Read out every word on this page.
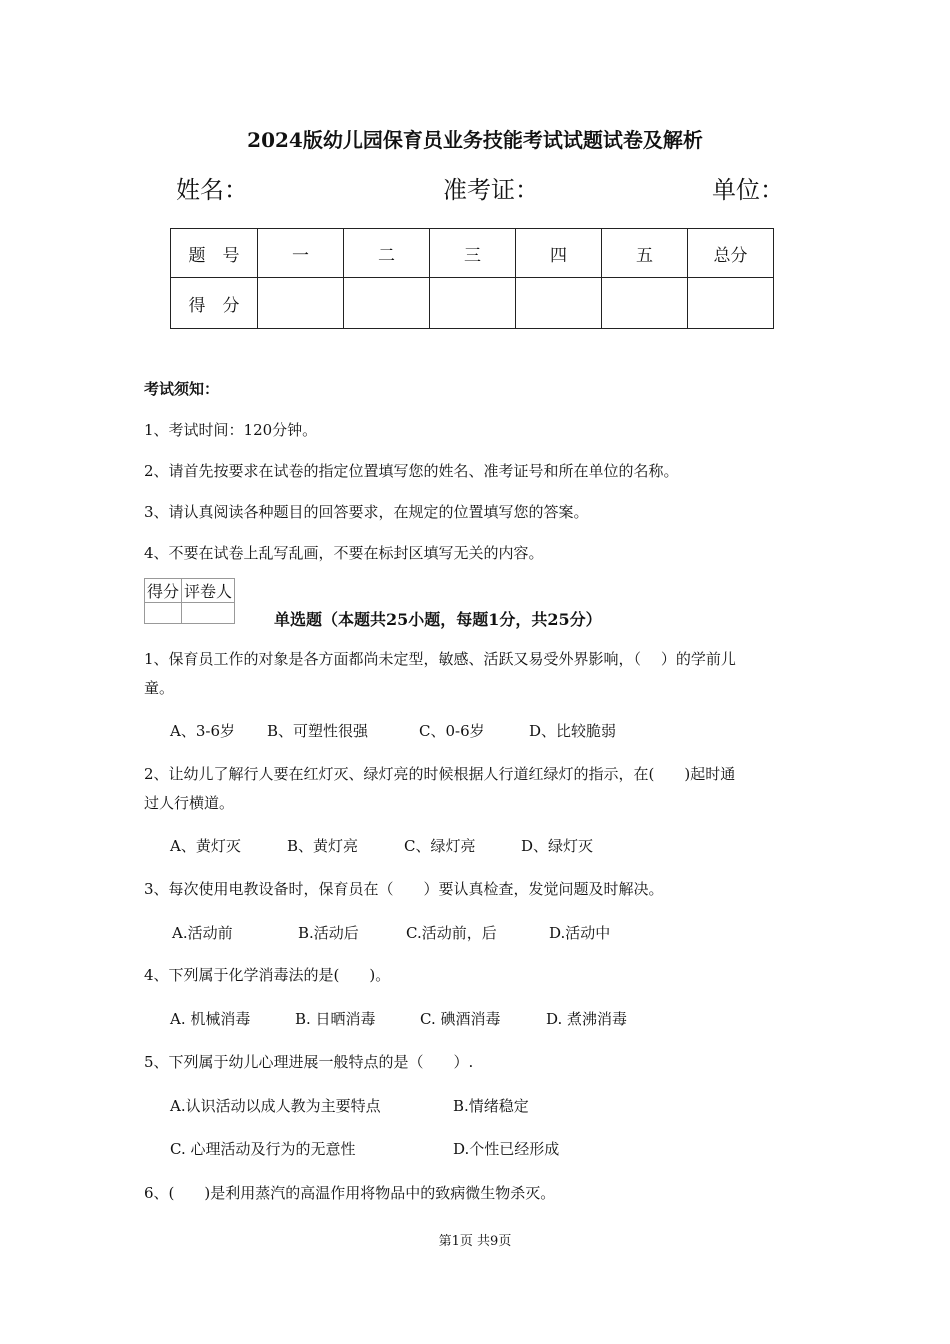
2024版幼儿园保育员业务技能考试试题试卷及解析
姓名：	准考证：	单位：
题　号	一	二	三	四	五	总分
得　分						
考试须知：
1、考试时间：120分钟。
2、请首先按要求在试卷的指定位置填写您的姓名、准考证号和所在单位的名称。
3、请认真阅读各种题目的回答要求，在规定的位置填写您的答案。
4、不要在试卷上乱写乱画，不要在标封区填写无关的内容。
得分	评卷人

单选题（本题共25小题，每题1分，共25分）
1、保育员工作的对象是各方面都尚未定型，敏感、活跃又易受外界影响，（　 ）的学前儿
童。
A、3-6岁 B、可塑性很强	C、0-6岁	D、比较脆弱
2、让幼儿了解行人要在红灯灭、绿灯亮的时候根据人行道红绿灯的指示，在(　　)起时通
过人行横道。
A、黄灯灭	B、黄灯亮	C、绿灯亮	D、绿灯灭
3、每次使用电教设备时，保育员在（　　）要认真检查，发觉问题及时解决。
A.活动前	B.活动后	C.活动前，后	D.活动中
4、下列属于化学消毒法的是(　　)。
A. 机械消毒	B. 日晒消毒	C. 碘酒消毒	D. 煮沸消毒
5、下列属于幼儿心理进展一般特点的是（　　）.
A.认识活动以成人教为主要特点	B.情绪稳定
C. 心理活动及行为的无意性	D.个性已经形成
6、(　　)是利用蒸汽的高温作用将物品中的致病微生物杀灭。
第1页 共9页
